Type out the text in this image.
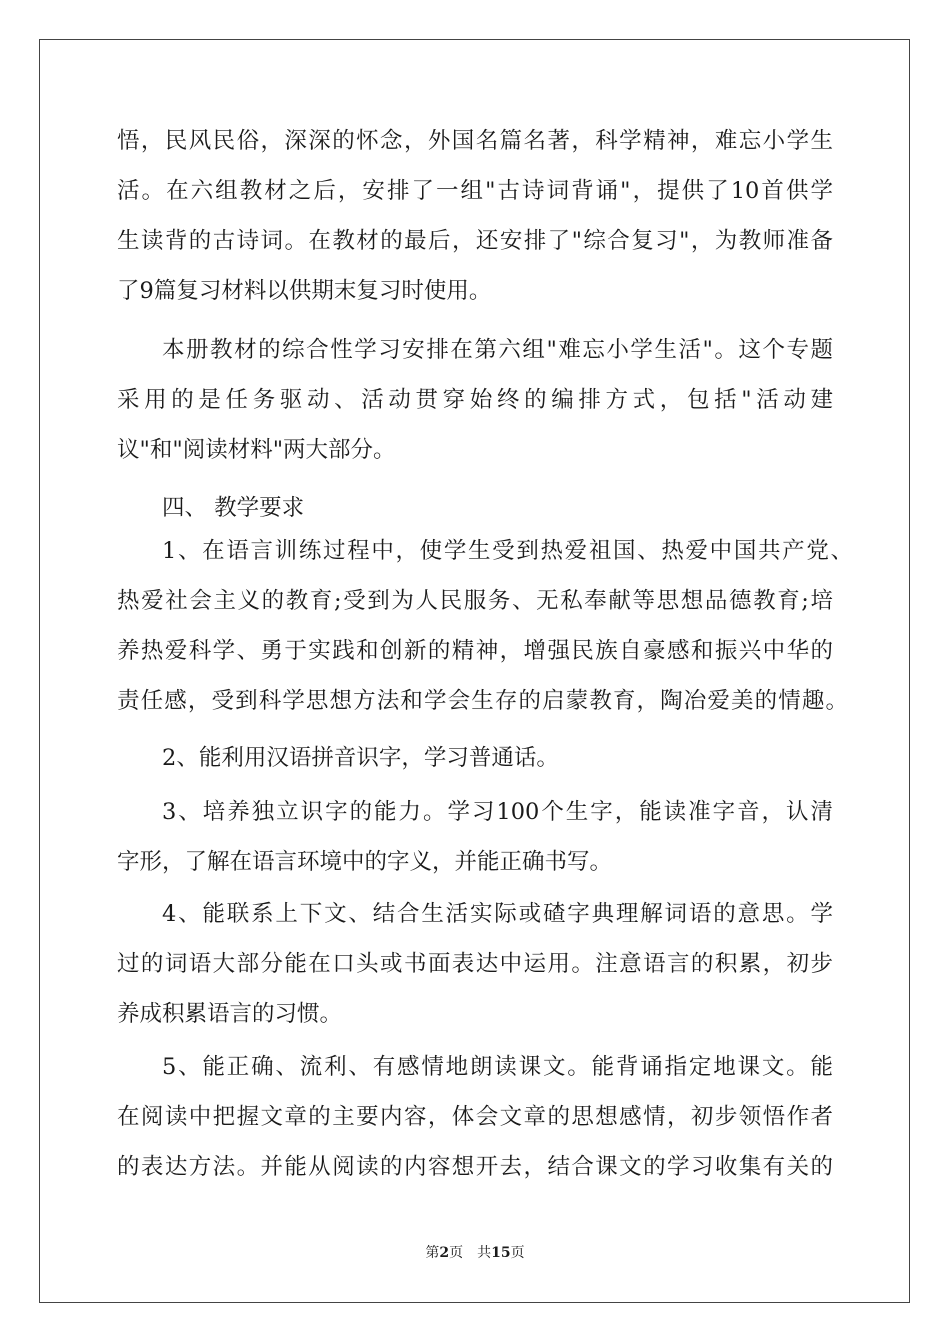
悟，民风民俗，深深的怀念，外国名篇名著，科学精神，难忘小学生
活。在六组教材之后，安排了一组"古诗词背诵"，提供了10首供学
生读背的古诗词。在教材的最后，还安排了"综合复习"，为教师准备
了9篇复习材料以供期末复习时使用。
本册教材的综合性学习安排在第六组"难忘小学生活"。这个专题
采用的是任务驱动、活动贯穿始终的编排方式，包括"活动建
议"和"阅读材料"两大部分。
四、 教学要求
1、在语言训练过程中，使学生受到热爱祖国、热爱中国共产党、
热爱社会主义的教育;受到为人民服务、无私奉献等思想品德教育;培
养热爱科学、勇于实践和创新的精神，增强民族自豪感和振兴中华的
责任感，受到科学思想方法和学会生存的启蒙教育，陶冶爱美的情趣。
2、能利用汉语拼音识字，学习普通话。
3、培养独立识字的能力。学习100个生字，能读准字音，认清
字形，了解在语言环境中的字义，并能正确书写。
4、能联系上下文、结合生活实际或碴字典理解词语的意思。学
过的词语大部分能在口头或书面表达中运用。注意语言的积累，初步
养成积累语言的习惯。
5、能正确、流利、有感情地朗读课文。能背诵指定地课文。能
在阅读中把握文章的主要内容，体会文章的思想感情，初步领悟作者
的表达方法。并能从阅读的内容想开去，结合课文的学习收集有关的
第2页　共15页
